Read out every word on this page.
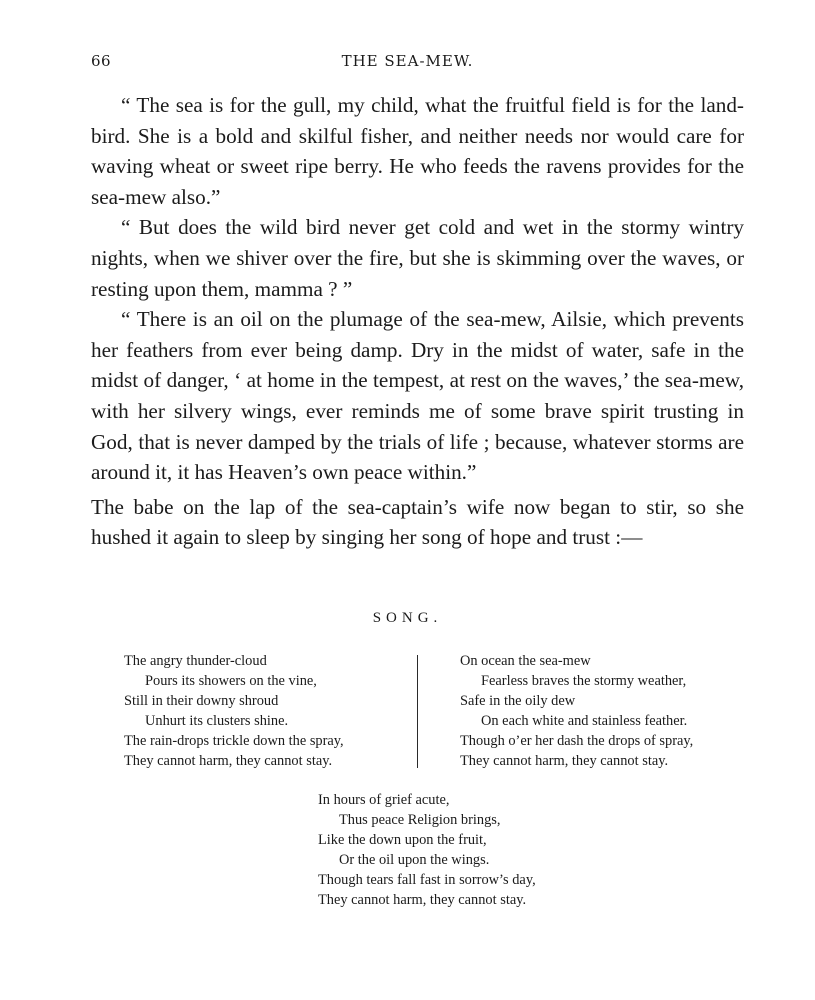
66	THE SEA-MEW.

“ The sea is for the gull, my child, what the fruitful field is for the land-bird. She is a bold and skilful fisher, and neither needs nor would care for waving wheat or sweet ripe berry. He who feeds the ravens provides for the sea-mew also.”

“ But does the wild bird never get cold and wet in the stormy wintry nights, when we shiver over the fire, but she is skimming over the waves, or resting upon them, mamma ? ”

“ There is an oil on the plumage of the sea-mew, Ailsie, which prevents her feathers from ever being damp. Dry in the midst of water, safe in the midst of danger, ‘ at home in the tempest, at rest on the waves,’ the sea-mew, with her silvery wings, ever reminds me of some brave spirit trusting in God, that is never damped by the trials of life ; because, whatever storms are around it, it has Heaven’s own peace within.”

The babe on the lap of the sea-captain’s wife now began to stir, so she hushed it again to sleep by singing her song of hope and trust :—

SONG.
The angry thunder-cloud
Pours its showers on the vine,
Still in their downy shroud
Unhurt its clusters shine.
The rain-drops trickle down the spray,
They cannot harm, they cannot stay.
On ocean the sea-mew
Fearless braves the stormy weather,
Safe in the oily dew
On each white and stainless feather.
Though o’er her dash the drops of spray,
They cannot harm, they cannot stay.
In hours of grief acute,
Thus peace Religion brings,
Like the down upon the fruit,
Or the oil upon the wings.
Though tears fall fast in sorrow’s day,
They cannot harm, they cannot stay.
